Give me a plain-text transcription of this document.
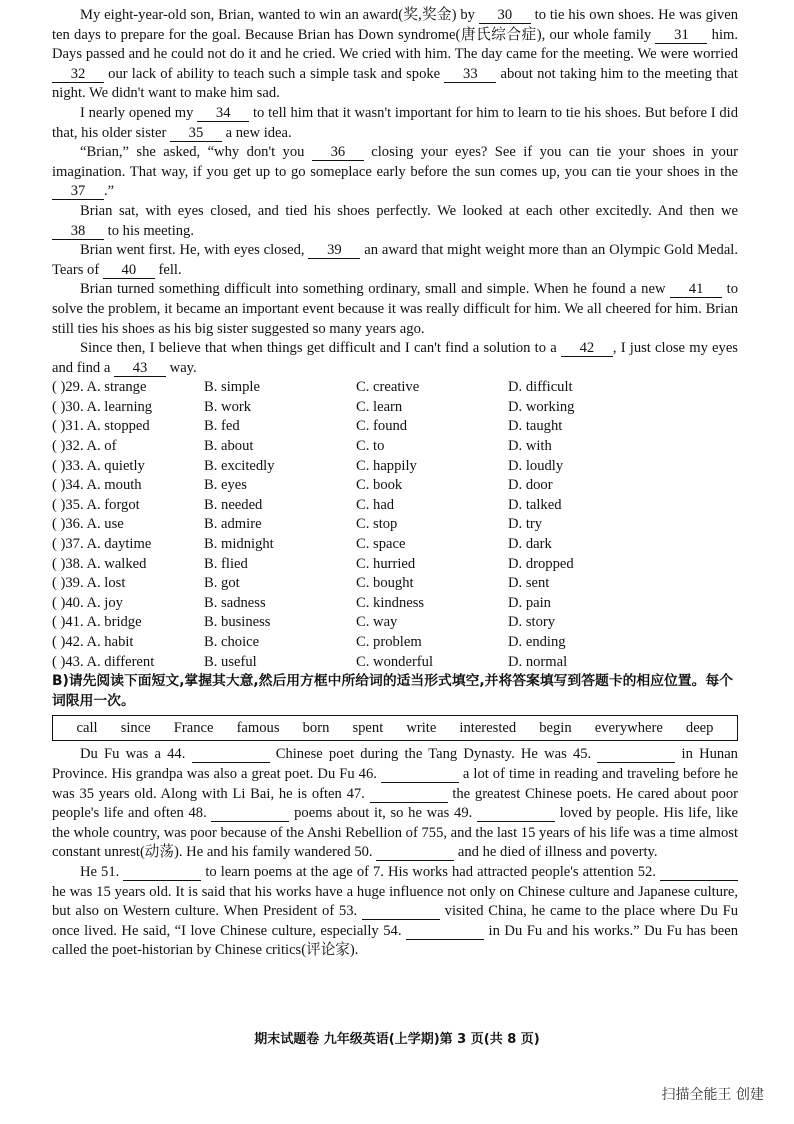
My eight-year-old son, Brian, wanted to win an award(奖,奖金) by 30 to tie his own shoes. He was given ten days to prepare for the goal. Because Brian has Down syndrome(唐氏综合症), our whole family 31 him. Days passed and he could not do it and he cried. We cried with him. The day came for the meeting. We were worried 32 our lack of ability to teach such a simple task and spoke 33 about not taking him to the meeting that night. We didn't want to make him sad.

I nearly opened my 34 to tell him that it wasn't important for him to learn to tie his shoes. But before I did that, his older sister 35 a new idea.

“Brian,” she asked, “why don't you 36 closing your eyes? See if you can tie your shoes in your imagination. That way, if you get up to go someplace early before the sun comes up, you can tie your shoes in the 37 .”

Brian sat, with eyes closed, and tied his shoes perfectly. We looked at each other excitedly. And then we 38 to his meeting.

Brian went first. He, with eyes closed, 39 an award that might weight more than an Olympic Gold Medal. Tears of 40 fell.

Brian turned something difficult into something ordinary, small and simple. When he found a new 41 to solve the problem, it became an important event because it was really difficult for him. We all cheered for him. Brian still ties his shoes as his big sister suggested so many years ago.

Since then, I believe that when things get difficult and I can't find a solution to a 42 , I just close my eyes and find a 43 way.

( )29. A. strange	B. simple	C. creative	D. difficult
( )30. A. learning	B. work	C. learn	D. working
( )31. A. stopped	B. fed	C. found	D. taught
( )32. A. of	B. about	C. to	D. with
( )33. A. quietly	B. excitedly	C. happily	D. loudly
( )34. A. mouth	B. eyes	C. book	D. door
( )35. A. forgot	B. needed	C. had	D. talked
( )36. A. use	B. admire	C. stop	D. try
( )37. A. daytime	B. midnight	C. space	D. dark
( )38. A. walked	B. flied	C. hurried	D. dropped
( )39. A. lost	B. got	C. bought	D. sent
( )40. A. joy	B. sadness	C. kindness	D. pain
( )41. A. bridge	B. business	C. way	D. story
( )42. A. habit	B. choice	C. problem	D. ending
( )43. A. different	B. useful	C. wonderful	D. normal
B)请先阅读下面短文,掌握其大意,然后用方框中所给词的适当形式填空,并将答案填写到答题卡的相应位置。每个词限用一次。
call since France famous born spent write interested begin everywhere deep

Du Fu was a 44.	Chinese poet during the Tang Dynasty. He was 45.	in Hunan Province. His grandpa was also a great poet. Du Fu 46.	a lot of time in reading and traveling before he was 35 years old. Along with Li Bai, he is often 47.	the greatest Chinese poets. He cared about poor people's life and often 48.	poems about it, so he was 49.	loved by people. His life, like the whole country, was poor because of the Anshi Rebellion of 755, and the last 15 years of his life was a time almost constant unrest(动荡). He and his family wandered 50.	and he died of illness and poverty.

He 51.	to learn poems at the age of 7. His works had attracted people's attention 52.   he was 15 years old. It is said that his works have a huge influence not only on Chinese culture and Japanese culture, but also on Western culture. When President of 53.	visited China, he came to the place where Du Fu once lived. He said, “I love Chinese culture, especially 54.	in Du Fu and his works.” Du Fu has been called the poet-historian by Chinese critics(评论家).

期末试题卷 九年级英语(上学期)第 3 页(共 8 页)
扫描全能王 创建
